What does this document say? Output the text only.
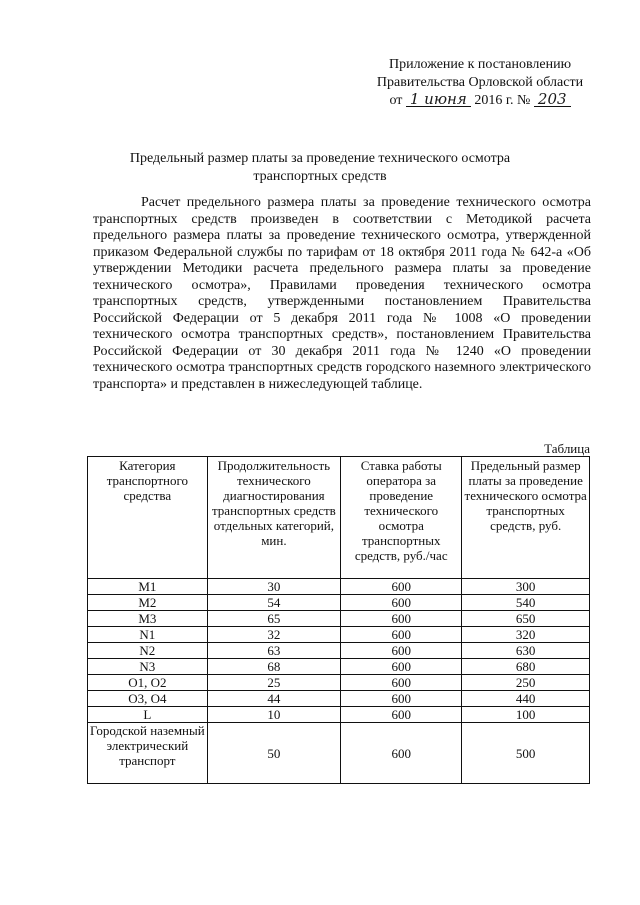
Приложение к постановлению
Правительства Орловской области
от 1 июня 2016 г. № 203
Предельный размер платы за проведение технического осмотра
транспортных средств

Расчет предельного размера платы за проведение технического осмотра транспортных средств произведен в соответствии с Методикой расчета предельного размера платы за проведение технического осмотра, утвержденной приказом Федеральной службы по тарифам от 18 октября 2011 года № 642-а «Об утверждении Методики расчета предельного размера платы за проведение технического осмотра», Правилами проведения технического осмотра транспортных средств, утвержденными постановлением Правительства Российской Федерации от 5 декабря 2011 года № 1008 «О проведении технического осмотра транспортных средств», постановлением Правительства Российской Федерации от 30 декабря 2011 года № 1240 «О проведении технического осмотра транспортных средств городского наземного электрического транспорта» и представлен в нижеследующей таблице.

Таблица
Категория транспортного средства	Продолжительность технического диагностирования транспортных средств отдельных категорий, мин.	Ставка работы оператора за проведение технического осмотра транспортных средств, руб./час	Предельный размер платы за проведение технического осмотра транспортных средств, руб.
M1	30	600	300
M2	54	600	540
M3	65	600	650
N1	32	600	320
N2	63	600	630
N3	68	600	680
O1, O2	25	600	250
O3, O4	44	600	440
L	10	600	100
Городской наземный электрический транспорт	50	600	500
